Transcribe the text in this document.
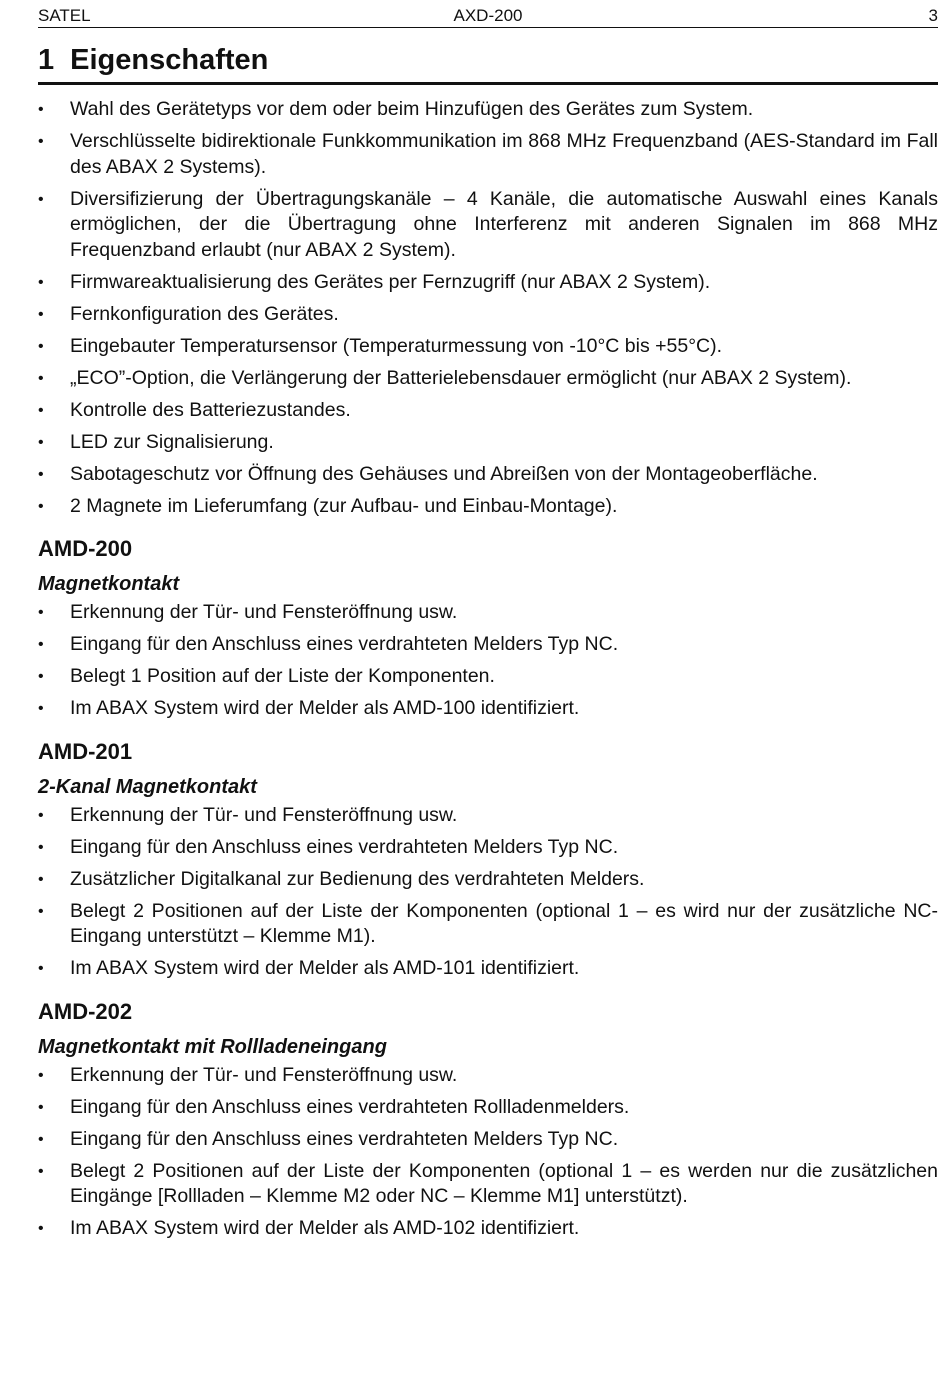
SATEL	AXD-200	3
1 Eigenschaften
•	Wahl des Gerätetyps vor dem oder beim Hinzufügen des Gerätes zum System.
•	Verschlüsselte bidirektionale Funkkommunikation im 868 MHz Frequenzband (AES-Standard im Fall des ABAX 2 Systems).
•	Diversifizierung der Übertragungskanäle – 4 Kanäle, die automatische Auswahl eines Kanals ermöglichen, der die Übertragung ohne Interferenz mit anderen Signalen im 868 MHz Frequenzband erlaubt (nur ABAX 2 System).
•	Firmwareaktualisierung des Gerätes per Fernzugriff (nur ABAX 2 System).
•	Fernkonfiguration des Gerätes.
•	Eingebauter Temperatursensor (Temperaturmessung von -10°C bis +55°C).
•	„ECO”-Option, die Verlängerung der Batterielebensdauer ermöglicht (nur ABAX 2 System).
•	Kontrolle des Batteriezustandes.
•	LED zur Signalisierung.
•	Sabotageschutz vor Öffnung des Gehäuses und Abreißen von der Montageoberfläche.
•	2 Magnete im Lieferumfang (zur Aufbau- und Einbau-Montage).
AMD-200
Magnetkontakt
•	Erkennung der Tür- und Fensteröffnung usw.
•	Eingang für den Anschluss eines verdrahteten Melders Typ NC.
•	Belegt 1 Position auf der Liste der Komponenten.
•	Im ABAX System wird der Melder als AMD-100 identifiziert.
AMD-201
2-Kanal Magnetkontakt
•	Erkennung der Tür- und Fensteröffnung usw.
•	Eingang für den Anschluss eines verdrahteten Melders Typ NC.
•	Zusätzlicher Digitalkanal zur Bedienung des verdrahteten Melders.
•	Belegt 2 Positionen auf der Liste der Komponenten (optional 1 – es wird nur der zusätzliche NC-Eingang unterstützt – Klemme M1).
•	Im ABAX System wird der Melder als AMD-101 identifiziert.
AMD-202
Magnetkontakt mit Rollladeneingang
•	Erkennung der Tür- und Fensteröffnung usw.
•	Eingang für den Anschluss eines verdrahteten Rollladenmelders.
•	Eingang für den Anschluss eines verdrahteten Melders Typ NC.
•	Belegt 2 Positionen auf der Liste der Komponenten (optional 1 – es werden nur die zusätzlichen Eingänge [Rollladen – Klemme M2 oder NC – Klemme M1] unterstützt).
•	Im ABAX System wird der Melder als AMD-102 identifiziert.
